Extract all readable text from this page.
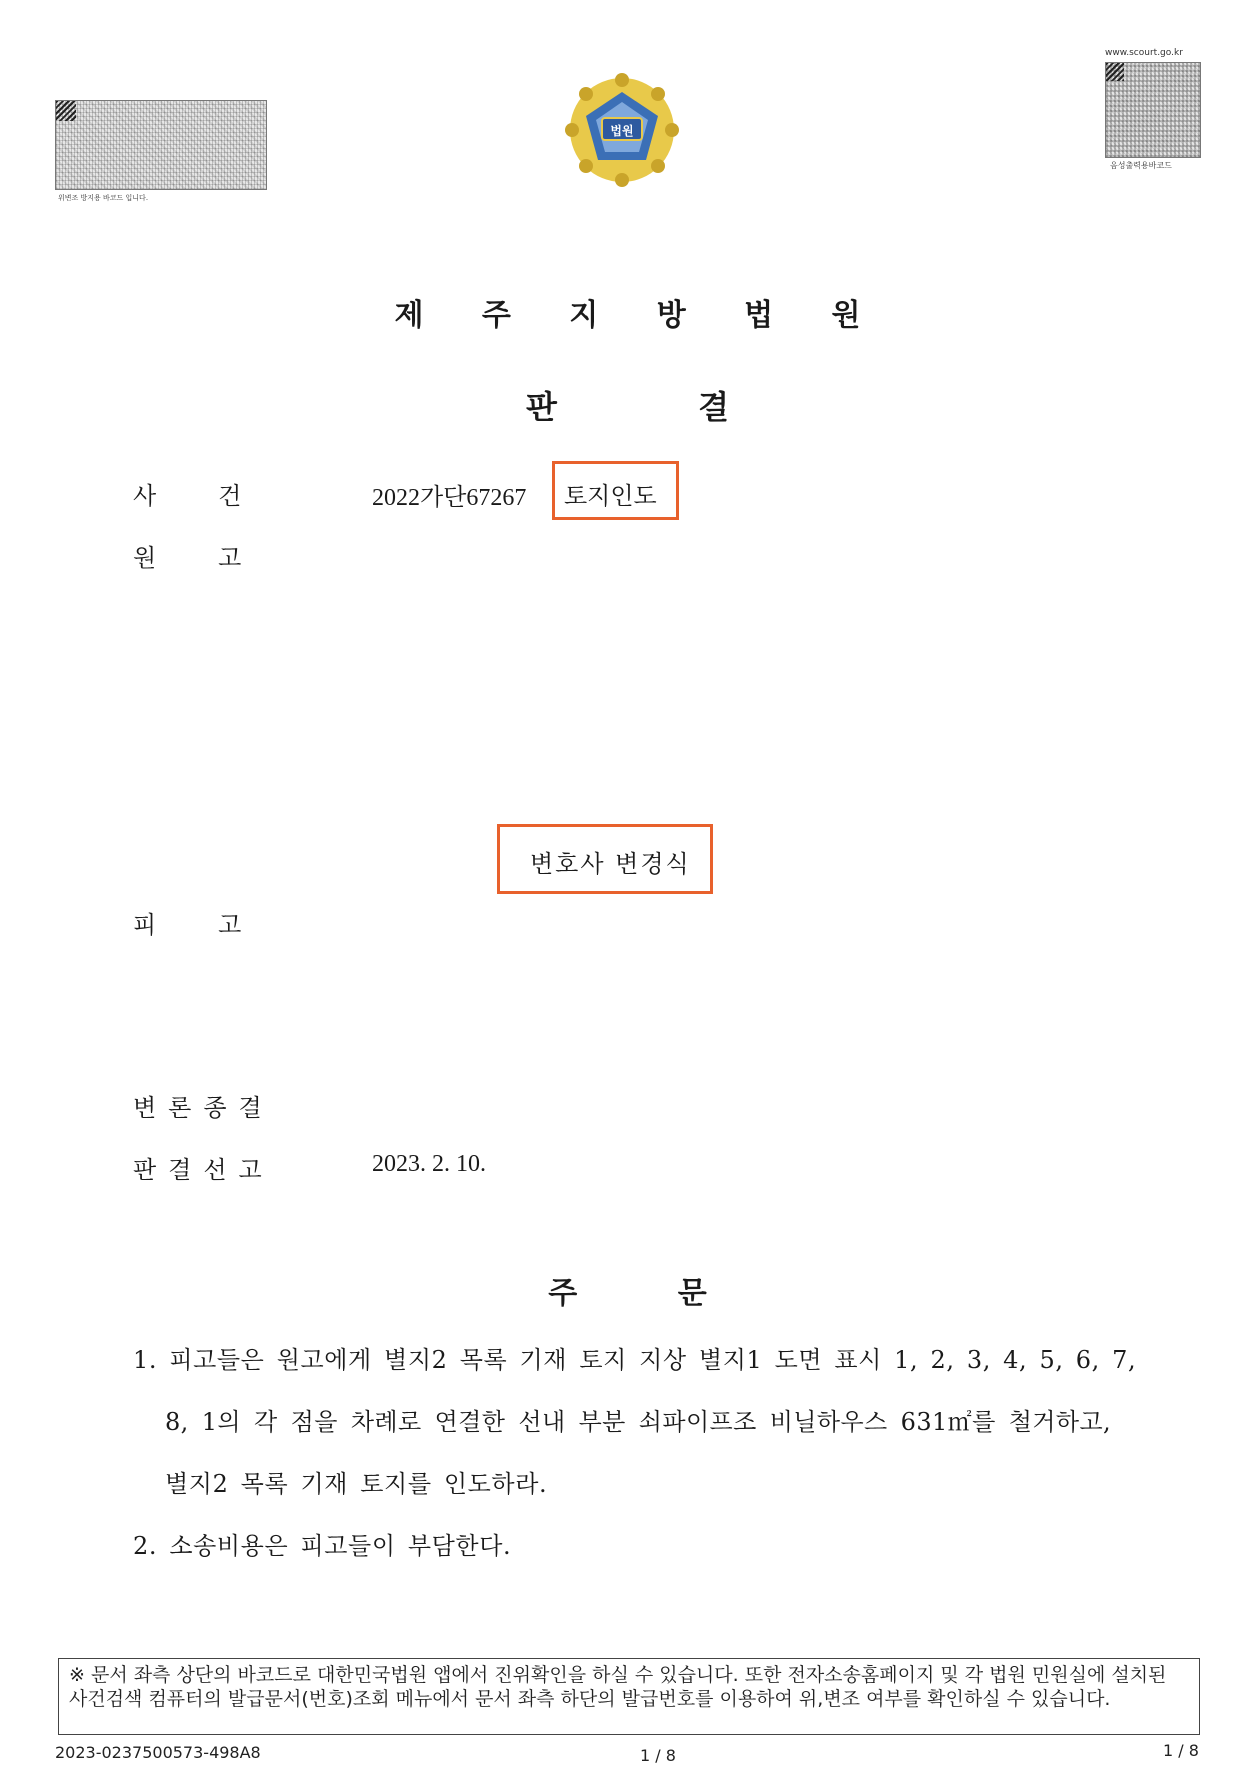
위변조 방지용 바코드 입니다.
법원
www.scourt.go.kr
음성출력용바코드
제 주 지 방 법 원
판 결
사건	2022가단67267 토지인도
원고
변호사 변경식
피고
변론종결
판결선고	2023. 2. 10.
주 문
1. 피고들은 원고에게 별지2 목록 기재 토지 지상 별지1 도면 표시 1, 2, 3, 4, 5, 6, 7,
8, 1의 각 점을 차례로 연결한 선내 부분 쇠파이프조 비닐하우스 631㎡를 철거하고,
별지2 목록 기재 토지를 인도하라.
2. 소송비용은 피고들이 부담한다.
※ 문서 좌측 상단의 바코드로 대한민국법원 앱에서 진위확인을 하실 수 있습니다. 또한 전자소송홈페이지 및 각 법원 민원실에 설치된 사건검색 컴퓨터의 발급문서(번호)조회 메뉴에서 문서 좌측 하단의 발급번호를 이용하여 위,변조 여부를 확인하실 수 있습니다.
2023-0237500573-498A8	1 / 8	1 / 8
